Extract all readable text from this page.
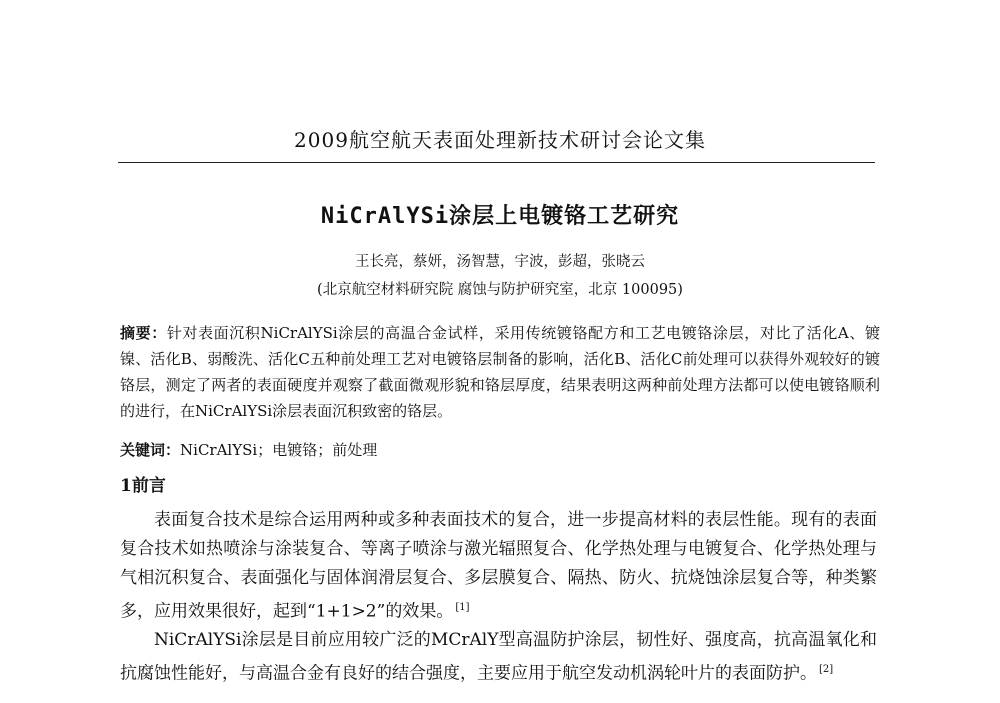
2009航空航天表面处理新技术研讨会论文集
NiCrAlYSi涂层上电镀铬工艺研究
王长亮，蔡妍，汤智慧，宇波，彭超，张晓云
(北京航空材料研究院 腐蚀与防护研究室，北京 100095)
摘要：针对表面沉积NiCrAlYSi涂层的高温合金试样，采用传统镀铬配方和工艺电镀铬涂层，对比了活化A、镀镍、活化B、弱酸洗、活化C五种前处理工艺对电镀铬层制备的影响，活化B、活化C前处理可以获得外观较好的镀铬层，测定了两者的表面硬度并观察了截面微观形貌和铬层厚度，结果表明这两种前处理方法都可以使电镀铬顺利的进行，在NiCrAlYSi涂层表面沉积致密的铬层。
关键词：NiCrAlYSi；电镀铬；前处理
1前言
表面复合技术是综合运用两种或多种表面技术的复合，进一步提高材料的表层性能。现有的表面复合技术如热喷涂与涂装复合、等离子喷涂与激光辐照复合、化学热处理与电镀复合、化学热处理与气相沉积复合、表面强化与固体润滑层复合、多层膜复合、隔热、防火、抗烧蚀涂层复合等，种类繁多，应用效果很好，起到“1+1>2”的效果。 [1]
NiCrAlYSi涂层是目前应用较广泛的MCrAlY型高温防护涂层，韧性好、强度高，抗高温氧化和抗腐蚀性能好，与高温合金有良好的结合强度，主要应用于航空发动机涡轮叶片的表面防护。 [2]
